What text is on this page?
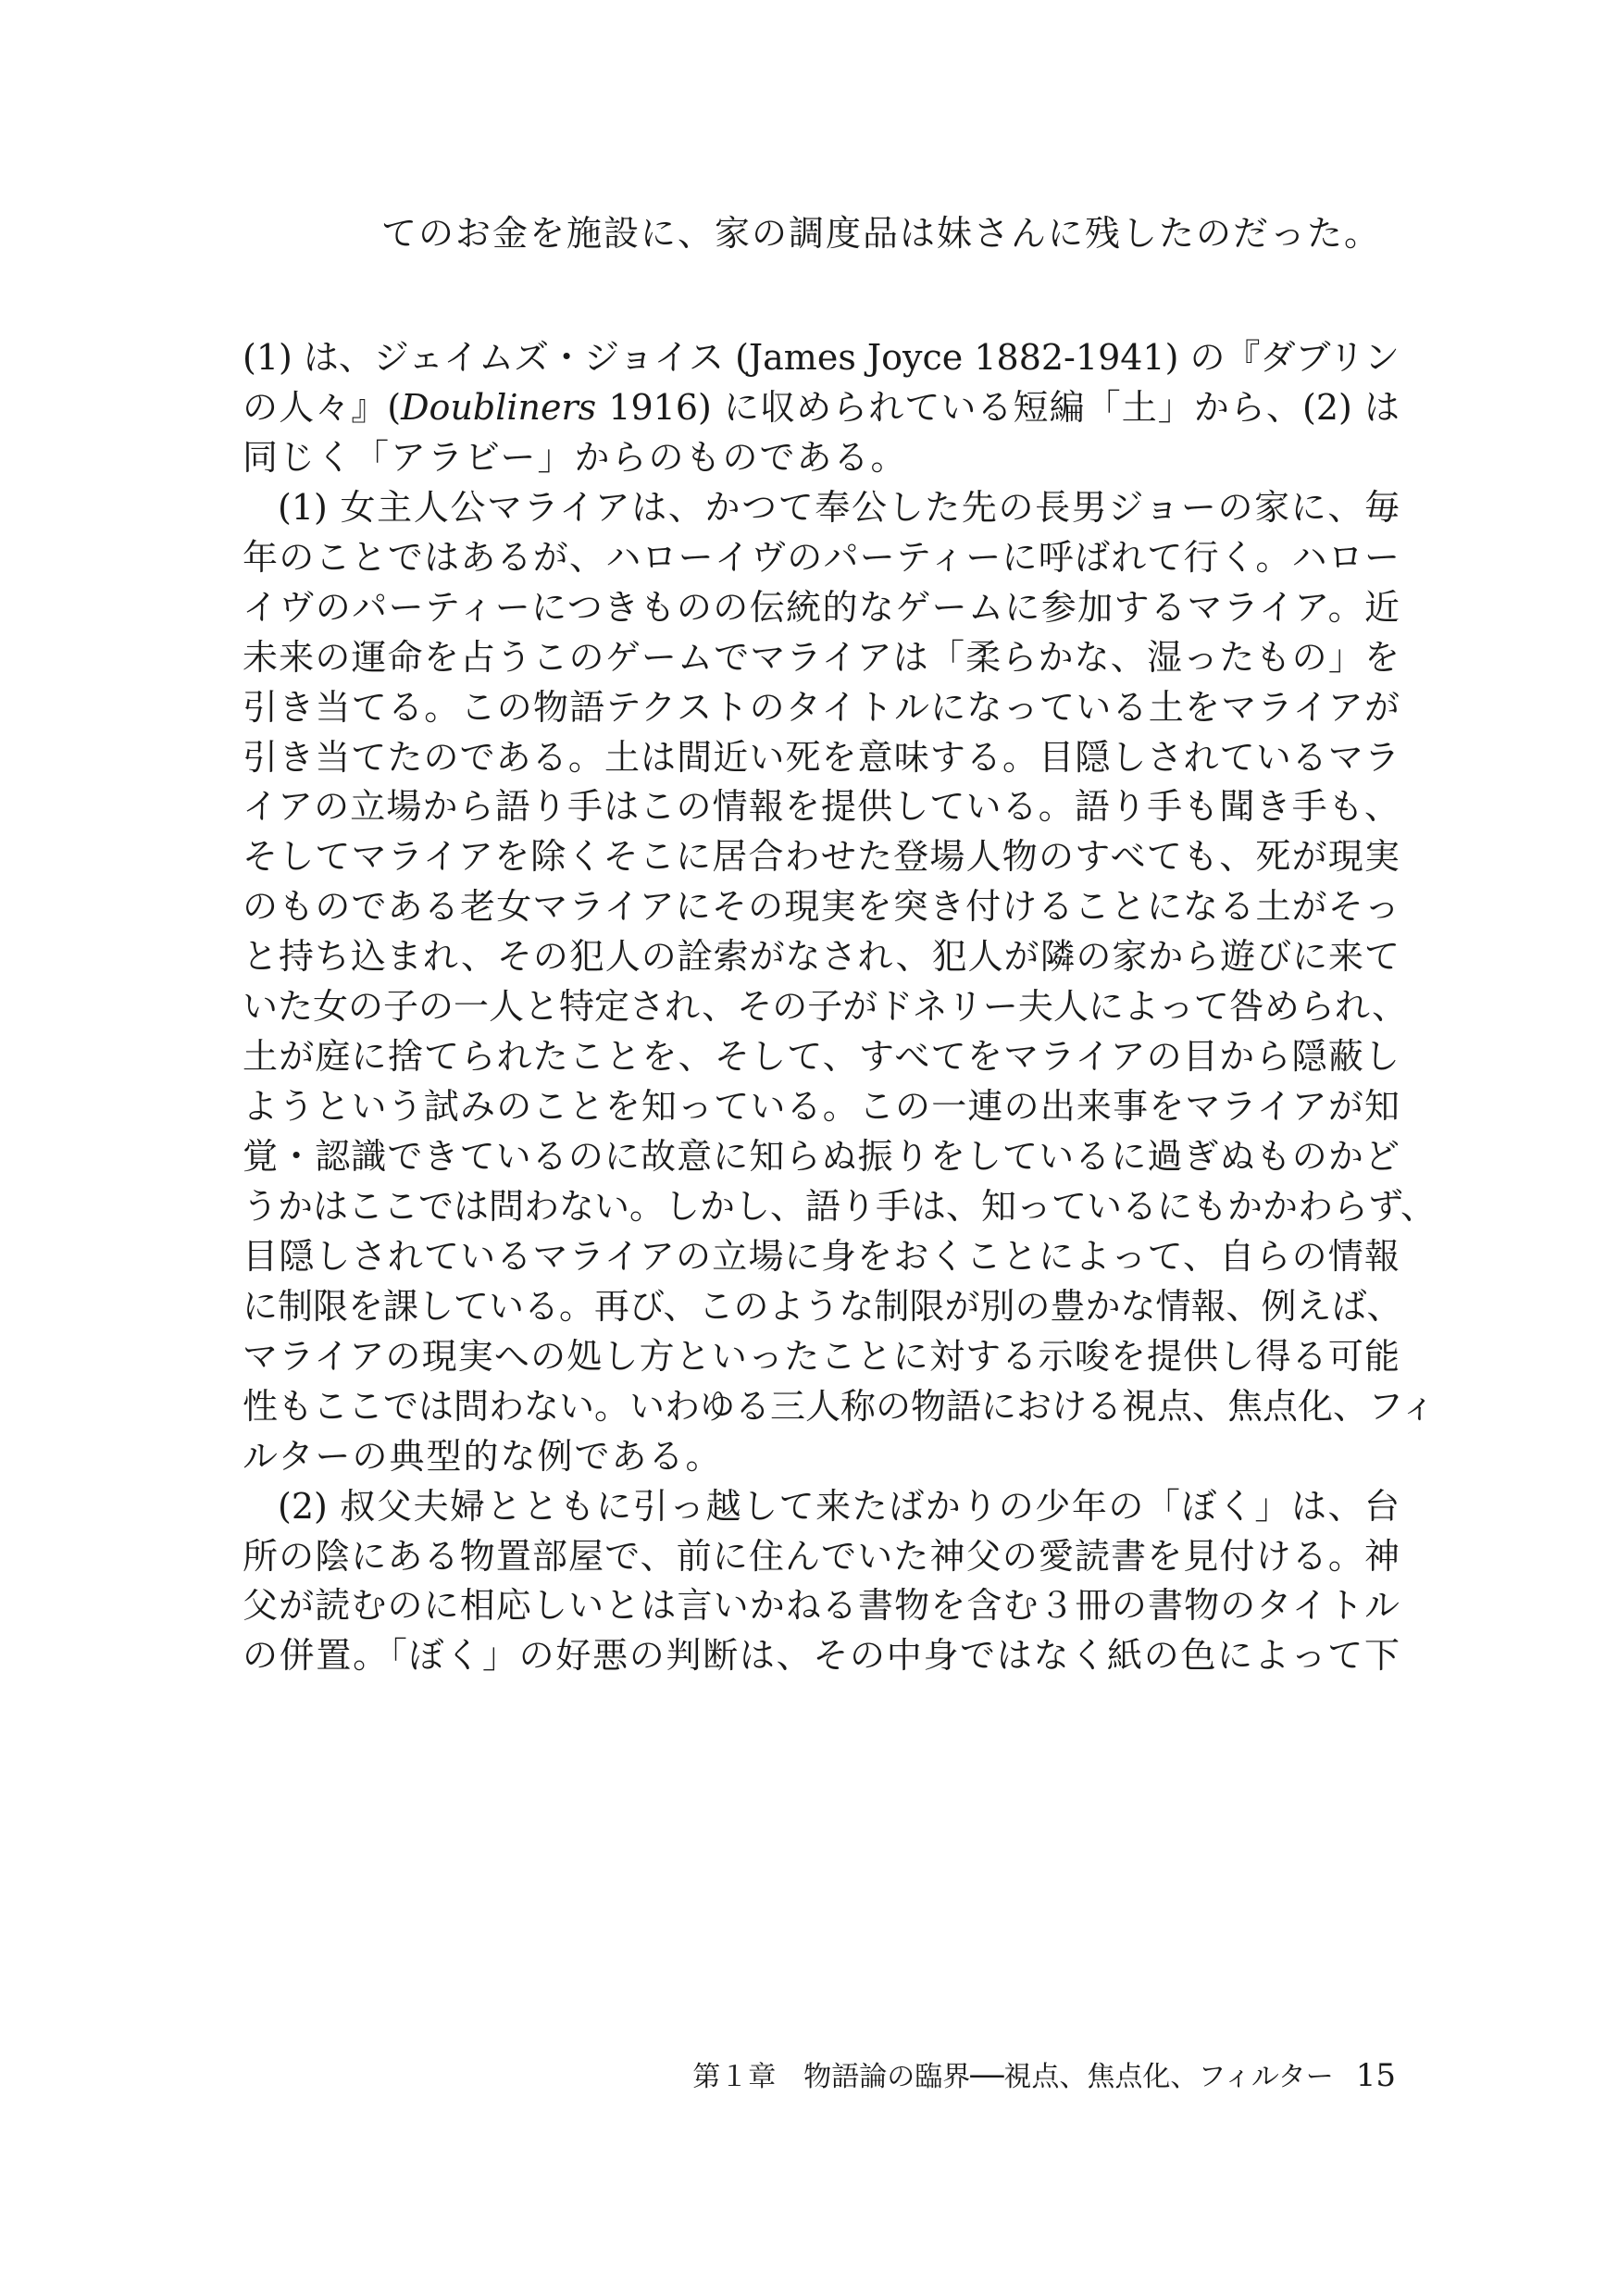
てのお金を施設に、家の調度品は妹さんに残したのだった。
(1) は、ジェイムズ・ジョイス (James Joyce 1882-1941) の『ダブリン
の人々』(Doubliners 1916) に収められている短編「土」から、(2) は
同じく「アラビー」からのものである。
(1) 女主人公マライアは、かつて奉公した先の長男ジョーの家に、毎
年のことではあるが、ハローイヴのパーティーに呼ばれて行く。ハロー
イヴのパーティーにつきものの伝統的なゲームに参加するマライア。近
未来の運命を占うこのゲームでマライアは「柔らかな、湿ったもの」を
引き当てる。この物語テクストのタイトルになっている土をマライアが
引き当てたのである。土は間近い死を意味する。目隠しされているマラ
イアの立場から語り手はこの情報を提供している。語り手も聞き手も、
そしてマライアを除くそこに居合わせた登場人物のすべても、死が現実
のものである老女マライアにその現実を突き付けることになる土がそっ
と持ち込まれ、その犯人の詮索がなされ、犯人が隣の家から遊びに来て
いた女の子の一人と特定され、その子がドネリー夫人によって咎められ、
土が庭に捨てられたことを、そして、すべてをマライアの目から隠蔽し
ようという試みのことを知っている。この一連の出来事をマライアが知
覚・認識できているのに故意に知らぬ振りをしているに過ぎぬものかど
うかはここでは問わない。しかし、語り手は、知っているにもかかわらず、
目隠しされているマライアの立場に身をおくことによって、自らの情報
に制限を課している。再び、このような制限が別の豊かな情報、例えば、
マライアの現実への処し方といったことに対する示唆を提供し得る可能
性もここでは問わない。いわゆる三人称の物語における視点、焦点化、フィ
ルターの典型的な例である。
(2) 叔父夫婦とともに引っ越して来たばかりの少年の「ぼく」は、台
所の陰にある物置部屋で、前に住んでいた神父の愛読書を見付ける。神
父が読むのに相応しいとは言いかねる書物を含む３冊の書物のタイトル
の併置。「ぼく」の好悪の判断は、その中身ではなく紙の色によって下
第１章　物語論の臨界──視点、焦点化、フィルター 15
